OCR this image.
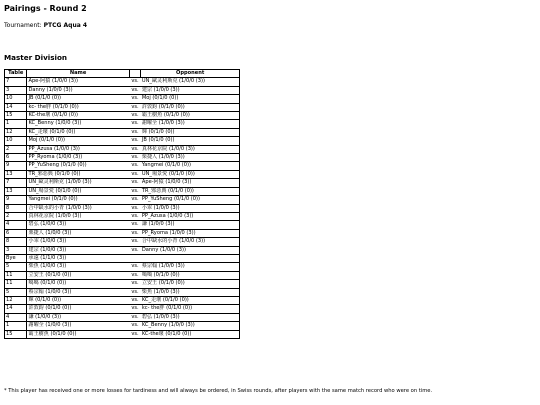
Pairings - Round 2
Tournament: PTCG Aqua 4
Master Division
Table	Name		Opponent
7	Ape-阿猿 (1/0/0 (3))	vs.	UN_歐灵利斯克 (1/0/0 (3))
3	Danny (1/0/0 (3))	vs.	建宗 (1/0/0 (3))
10	JB (0/1/0 (0))	vs.	Moj (0/1/0 (0))
14	kc- the胖 (0/1/0 (0))	vs.	許敦鈞 (0/1/0 (0))
15	KC-the壞 (0/1/0 (0))	vs.	霸王樹魚 (0/1/0 (0))
1	KC_Benny (1/0/0 (3))	vs.	謝曜全 (1/0/0 (3))
12	KC_走壞 (0/1/0 (0))	vs.	輝 (0/1/0 (0))
10	Moj (0/1/0 (0))	vs.	JB (0/1/0 (0))
2	PP_Azusa (1/0/0 (3))	vs.	真林花京院 (1/0/0 (3))
6	PP_Ryoma (1/0/0 (3))	vs.	栗捷人 (1/0/0 (3))
9	PP_YuSheng (0/1/0 (0))	vs.	Yangmei (0/1/0 (0))
13	TR_邪惡典 (0/1/0 (0))	vs.	UN_場景愛 (0/1/0 (0))
7	UN_歐灵利斯克 (1/0/0 (3))	vs.	Ape-阿猿 (1/0/0 (3))
13	UN_場景愛 (0/1/0 (0))	vs.	TR_邪惡典 (0/1/0 (0))
9	Yangmei (0/1/0 (0))	vs.	PP_YuSheng (0/1/0 (0))
8	合中缺水的小青 (1/0/0 (3))	vs.	小乖 (1/0/0 (3))
2	真林花京院 (1/0/0 (3))	vs.	PP_Azusa (1/0/0 (3))
4	碧弘 (1/0/0 (3))	vs.	謙 (1/0/0 (3))
6	栗捷人 (1/0/0 (3))	vs.	PP_Ryoma (1/0/0 (3))
8	小乖 (1/0/0 (3))	vs.	合中缺水的小青 (1/0/0 (3))
3	建宗 (1/0/0 (3))	vs.	Danny (1/0/0 (3))
Bye	承遠 (1/1/0 (3))		
5	柴魚 (1/0/0 (3))	vs.	蔡宗翰 (1/0/0 (3))
11	立安王 (0/1/0 (0))	vs.	噶噶 (0/1/0 (0))
11	噶噶 (0/1/0 (0))	vs.	立安王 (0/1/0 (0))
5	蔡宗翰 (1/0/0 (3))	vs.	柴魚 (1/0/0 (3))
12	輝 (0/1/0 (0))	vs.	KC_走壞 (0/1/0 (0))
14	許敦鈞 (0/1/0 (0))	vs.	kc- the胖 (0/1/0 (0))
4	謙 (1/0/0 (3))	vs.	碧弘 (1/0/0 (3))
1	謝曜全 (1/0/0 (3))	vs.	KC_Benny (1/0/0 (3))
15	霸王樹魚 (0/1/0 (0))	vs.	KC-the壞 (0/1/0 (0))
* This player has received one or more losses for tardiness and will always be ordered, in Swiss rounds, after players with the same match record who were on time.
